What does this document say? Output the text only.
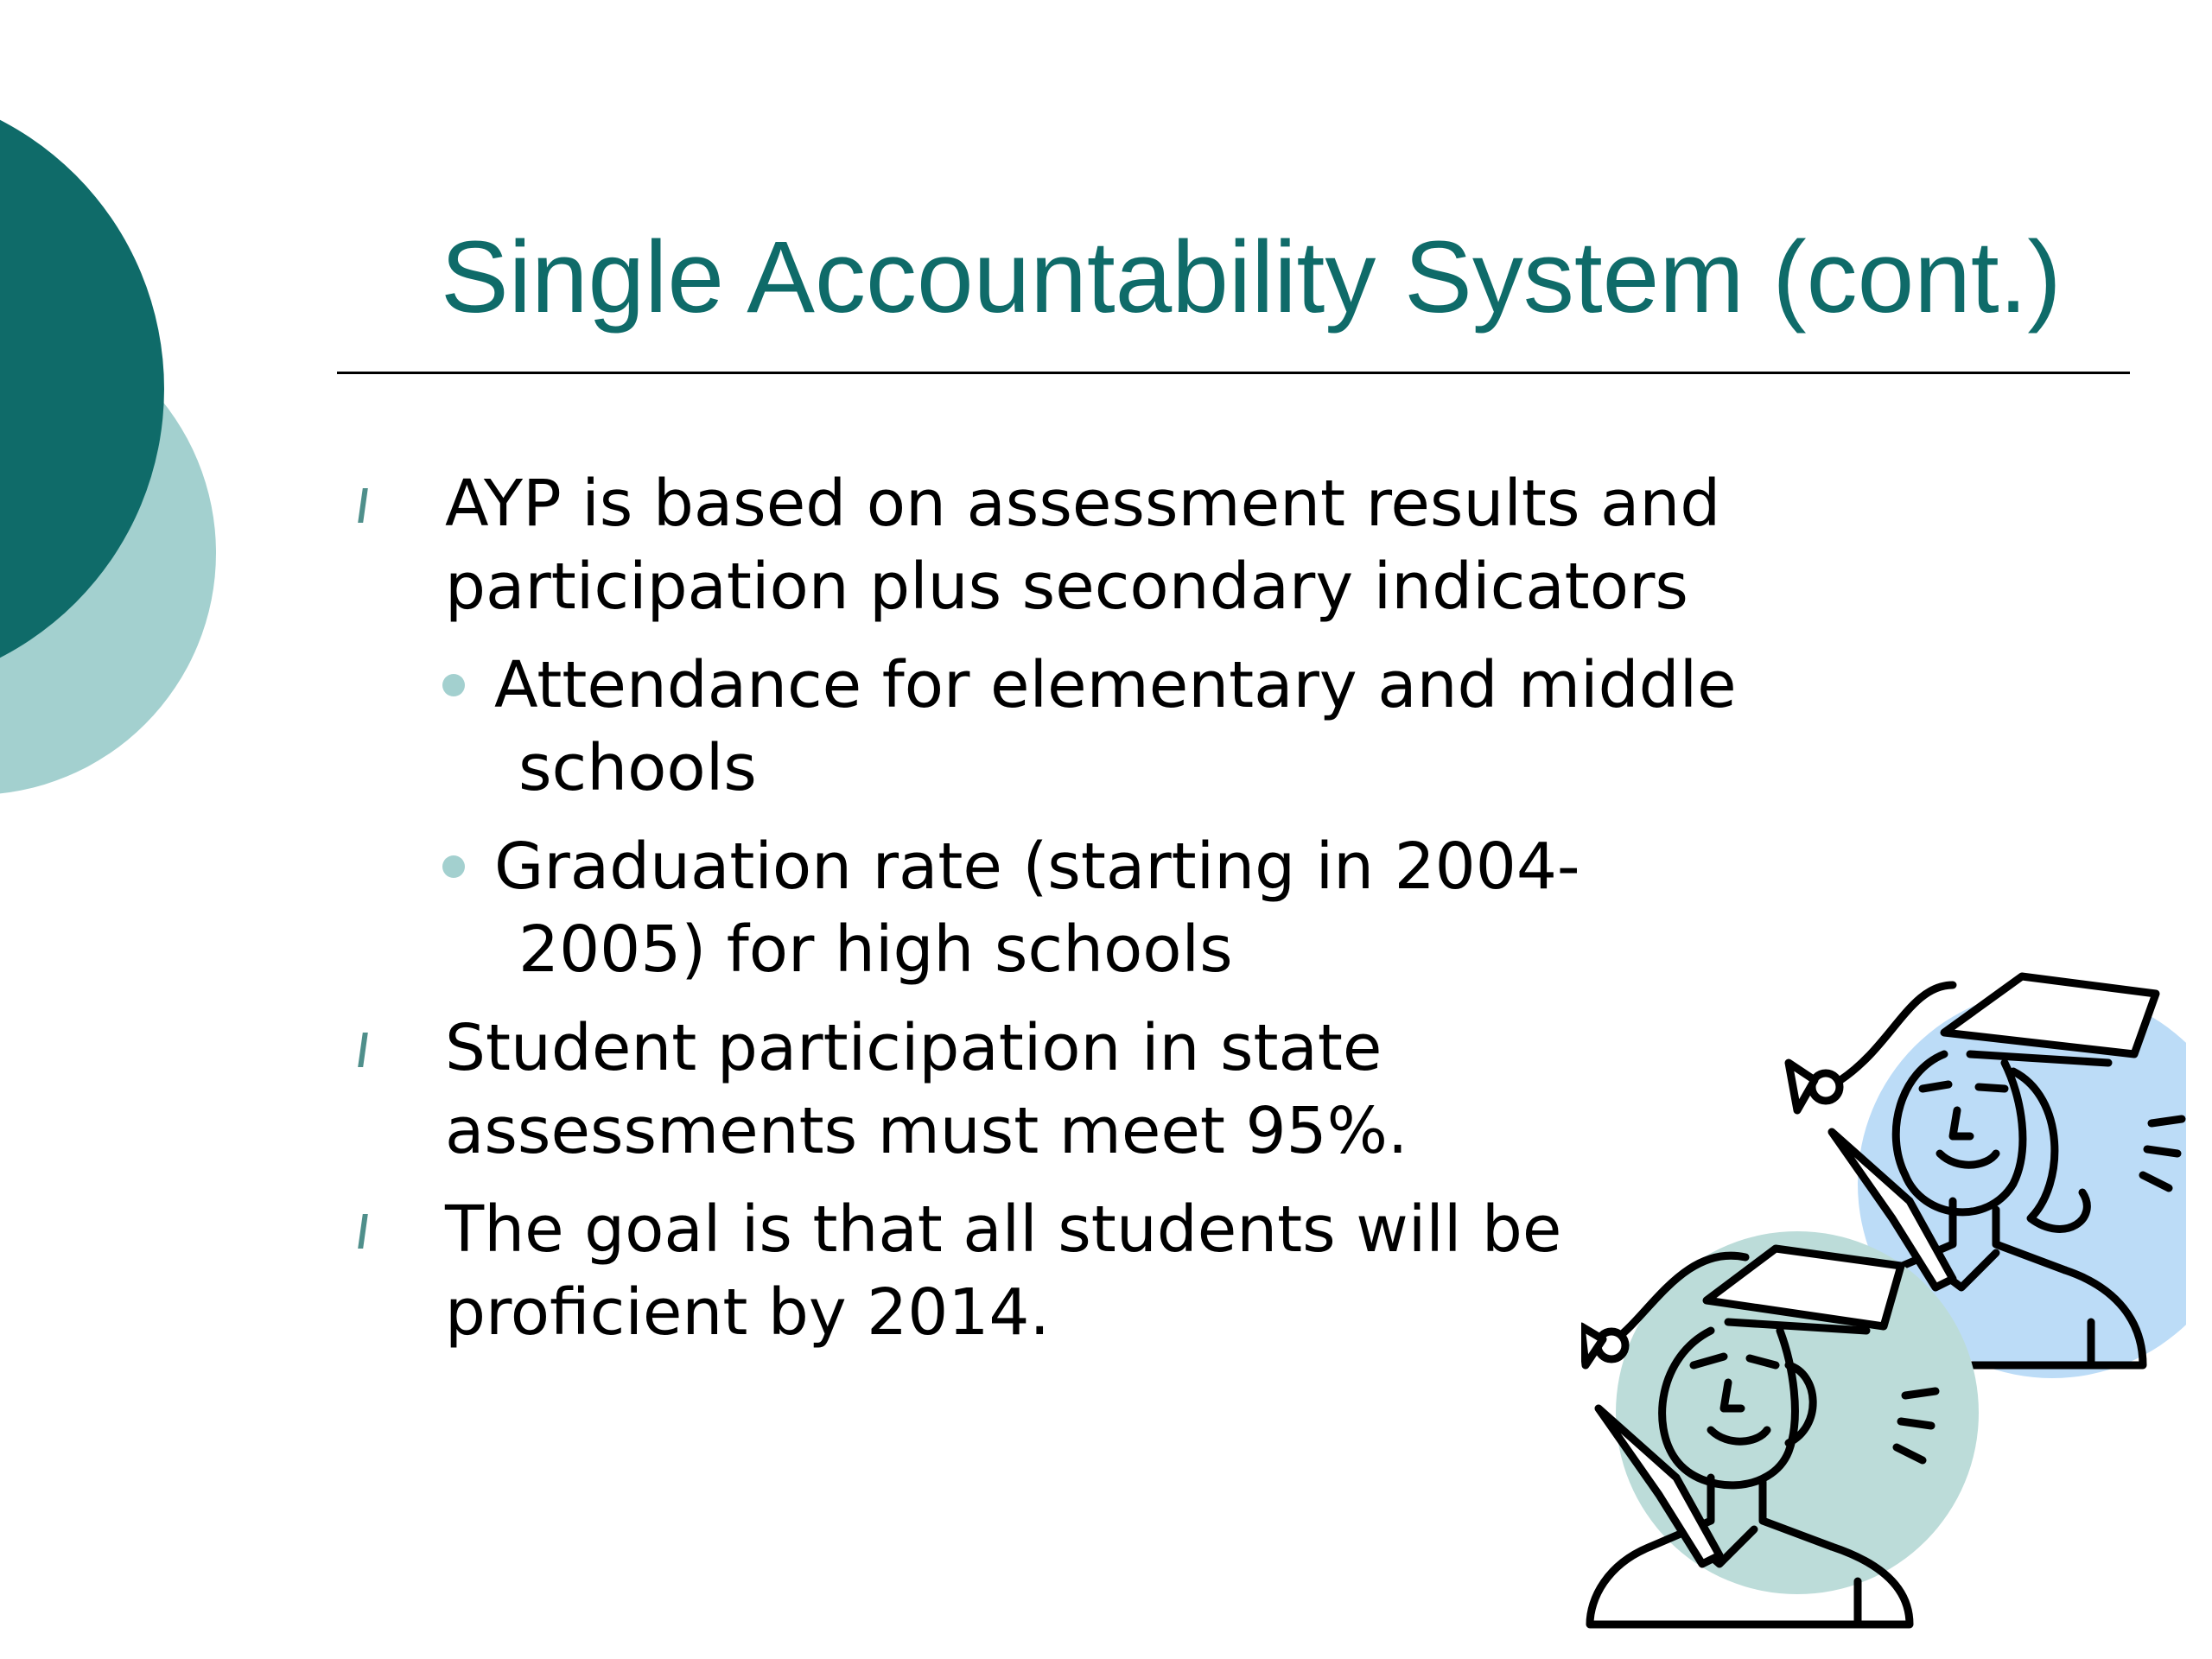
Single Accountability System (cont.)
AYP is based on assessment results and
participation plus secondary indicators
Attendance for elementary and middle
schools
Graduation rate (starting in 2004-
2005) for high schools
Student participation in state
assessments must meet 95%.
The goal is that all students will be
proficient by 2014.
